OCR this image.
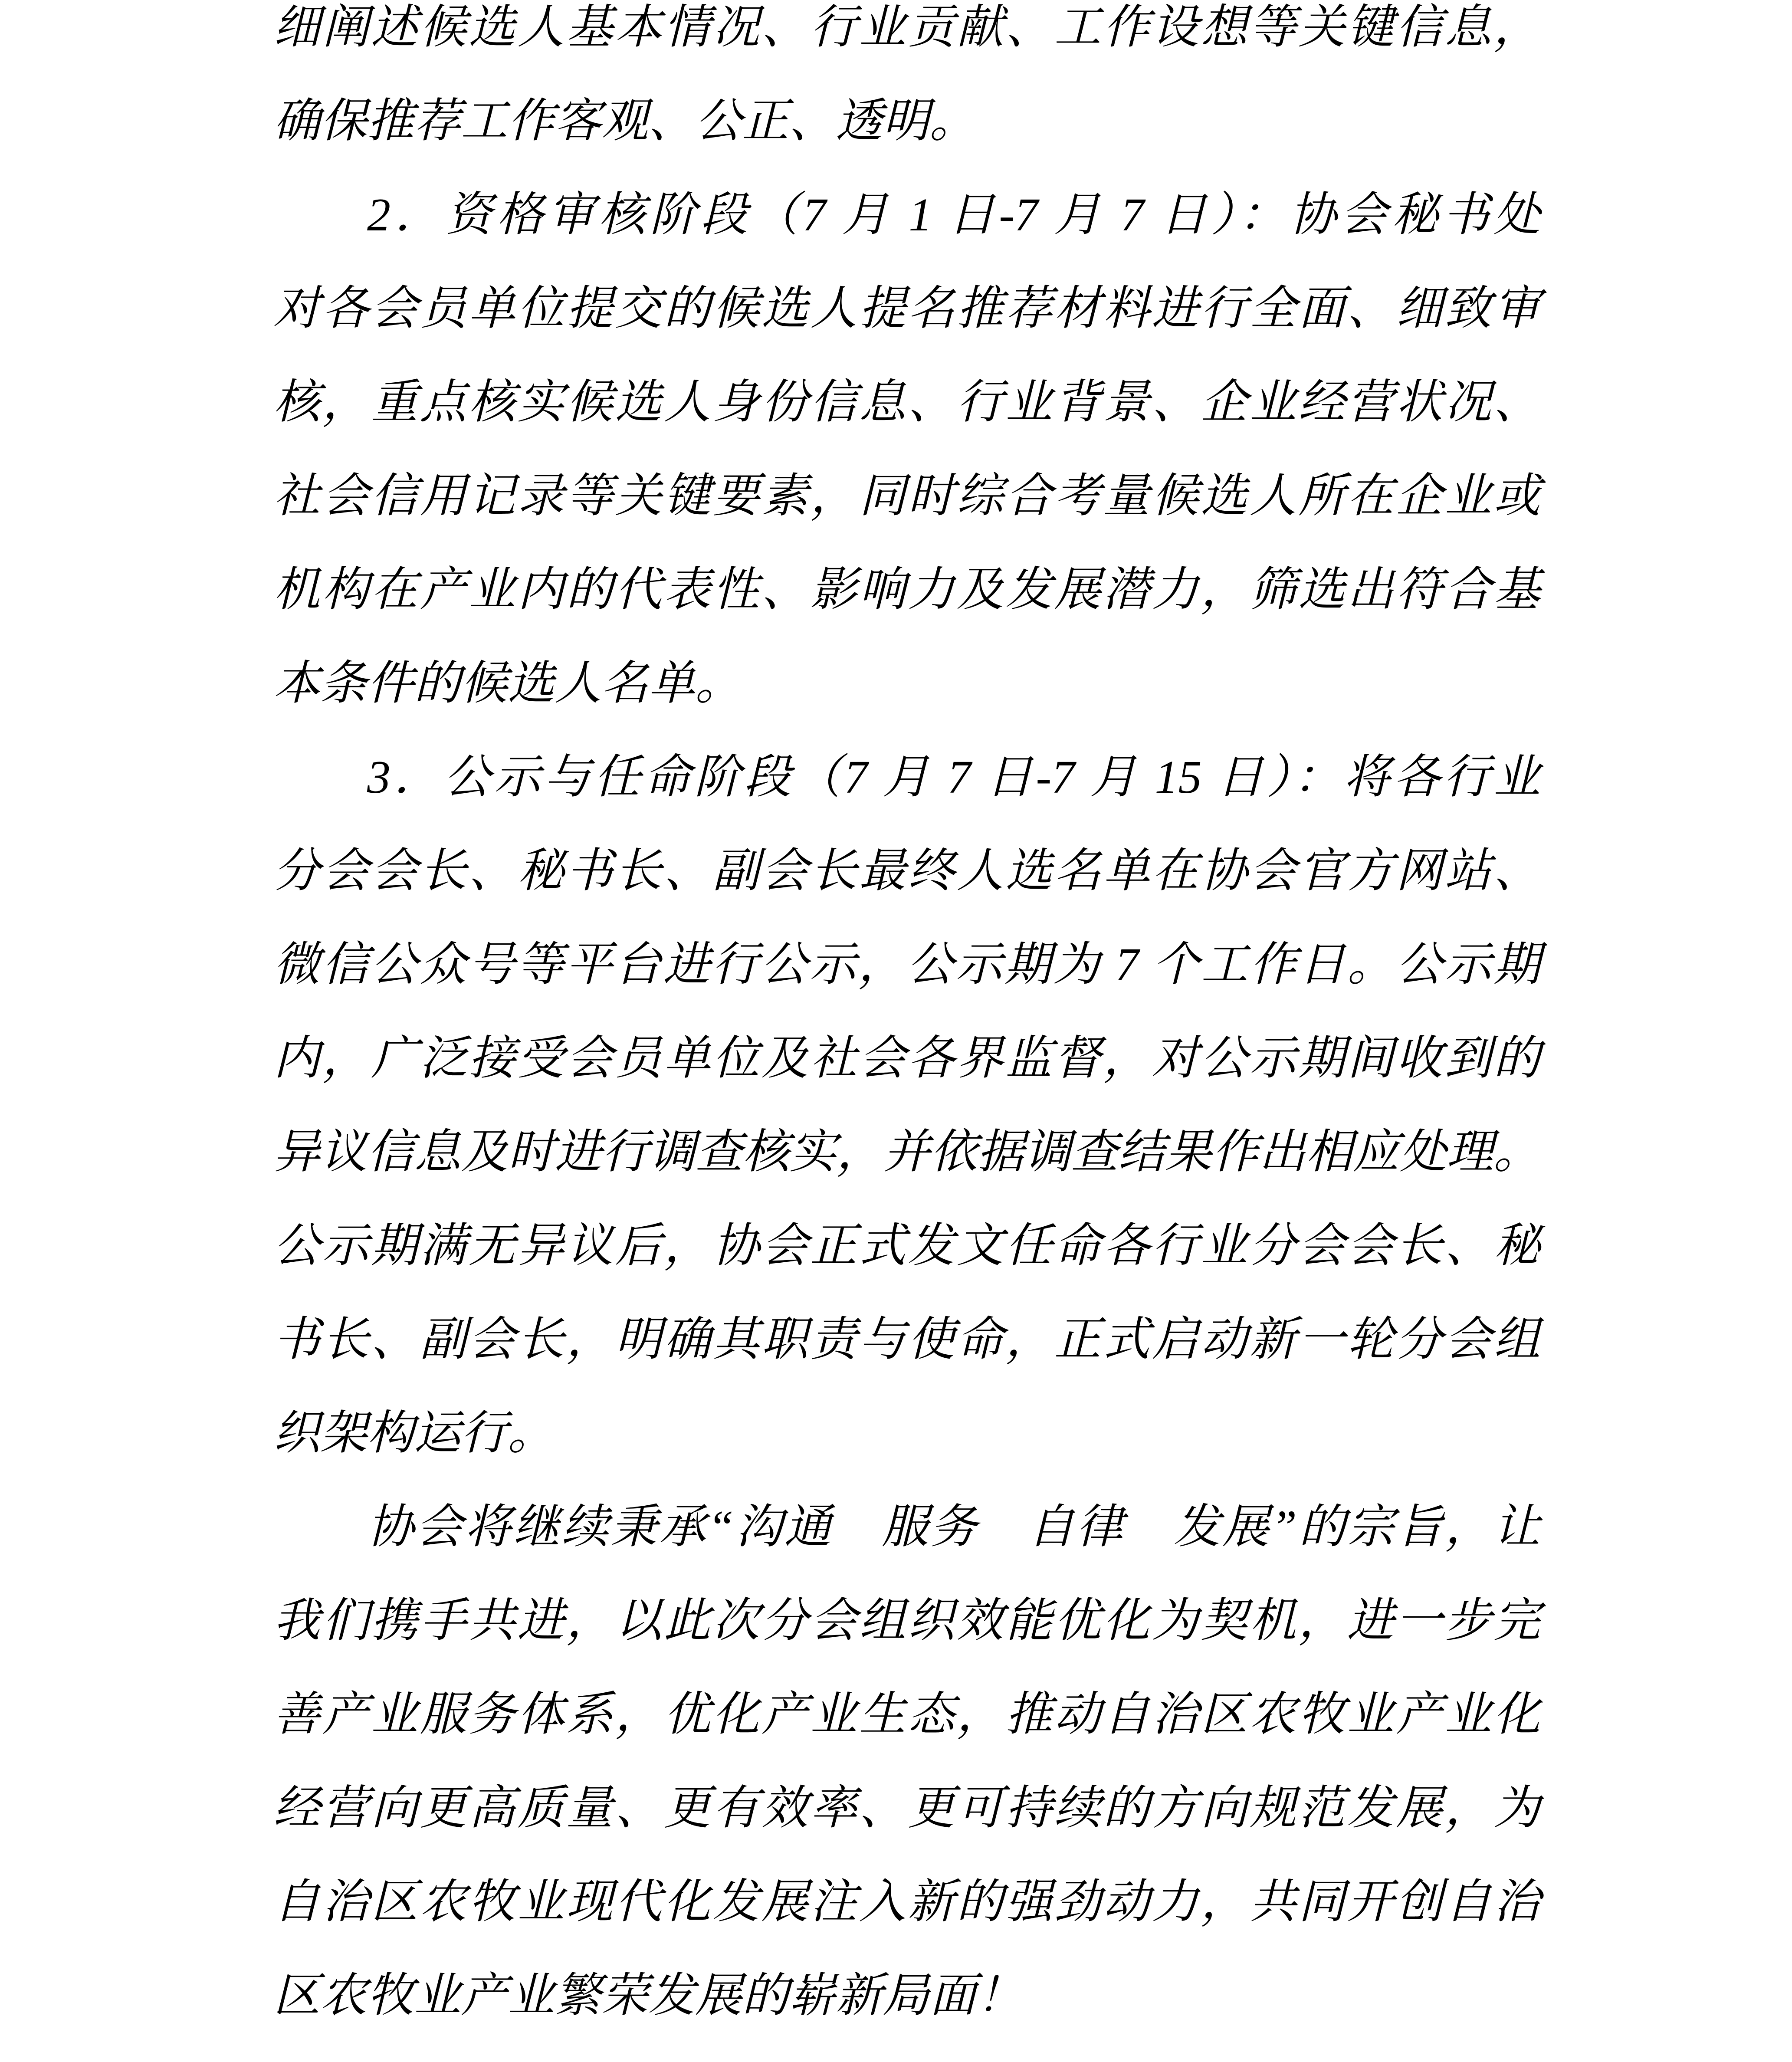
细阐述候选人基本情况、行业贡献、工作设想等关键信息，
确保推荐工作客观、公正、透明。
2．资格审核阶段（7 月 1 日-7 月 7 日）：协会秘书处
对各会员单位提交的候选人提名推荐材料进行全面、细致审
核，重点核实候选人身份信息、行业背景、企业经营状况、
社会信用记录等关键要素，同时综合考量候选人所在企业或
机构在产业内的代表性、影响力及发展潜力，筛选出符合基
本条件的候选人名单。
3．公示与任命阶段（7 月 7 日-7 月 15 日）：将各行业
分会会长、秘书长、副会长最终人选名单在协会官方网站、
微信公众号等平台进行公示，公示期为 7 个工作日。公示期
内，广泛接受会员单位及社会各界监督，对公示期间收到的
异议信息及时进行调查核实，并依据调查结果作出相应处理。
公示期满无异议后，协会正式发文任命各行业分会会长、秘
书长、副会长，明确其职责与使命，正式启动新一轮分会组
织架构运行。
协会将继续秉承“沟通　服务　自律　发展”的宗旨，让
我们携手共进，以此次分会组织效能优化为契机，进一步完
善产业服务体系，优化产业生态，推动自治区农牧业产业化
经营向更高质量、更有效率、更可持续的方向规范发展，为
自治区农牧业现代化发展注入新的强劲动力，共同开创自治
区农牧业产业繁荣发展的崭新局面！
